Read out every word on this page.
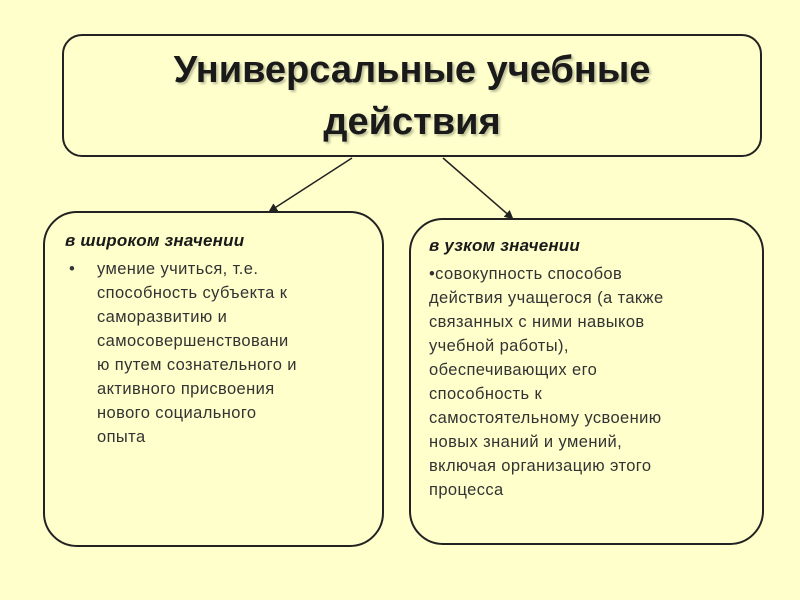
Универсальные учебные
действия
в широком значении
•	умение учиться, т.е.
способность субъекта к
саморазвитию и
самосовершенствовани
ю путем сознательного и
активного присвоения
нового социального
опыта
в узком значении
•совокупность способов
действия учащегося (а также
связанных с ними навыков
учебной работы),
обеспечивающих его
способность к
самостоятельному усвоению
новых знаний и умений,
включая организацию этого
процесса
